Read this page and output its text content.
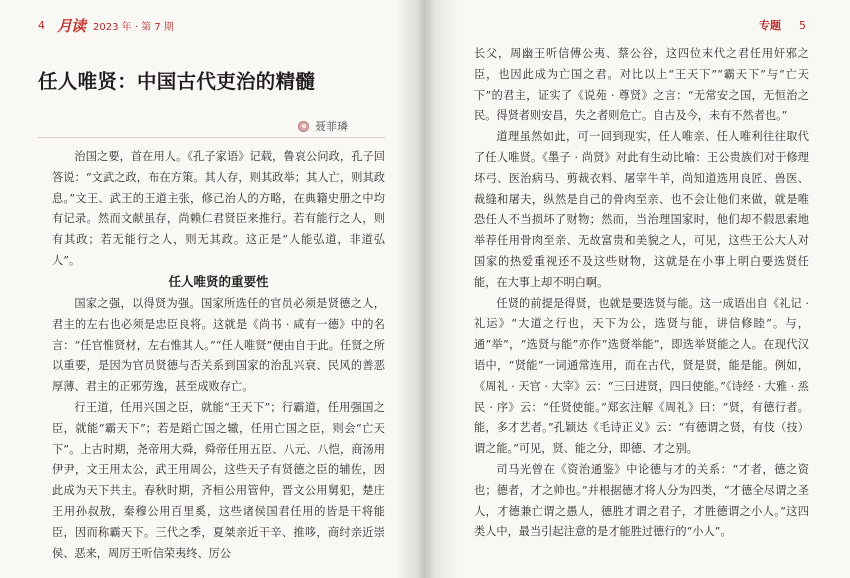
4 月读 2023 年 · 第 7 期
任人唯贤：中国古代吏治的精髓
聂菲璘

治国之要，首在用人。《孔子家语》记载，鲁哀公问政，孔子回答说：“文武之政，布在方策。其人存，则其政举；其人亡，则其政息。”文王、武王的王道主张，修己治人的方略，在典籍史册之中均有记录。然而文献虽存，尚赖仁君贤臣来推行。若有能行之人，则有其政；若无能行之人，则无其政。这正是“人能弘道，非道弘人”。

任人唯贤的重要性

国家之强，以得贤为强。国家所选任的官员必须是贤德之人，君主的左右也必须是忠臣良将。这就是《尚书 · 咸有一德》中的名言：“任官惟贤材，左右惟其人。”“任人唯贤”便由自于此。任贤之所以重要，是因为官员贤德与否关系到国家的治乱兴衰、民风的善恶厚薄、君主的正邪劳逸，甚至成败存亡。

行王道，任用兴国之臣，就能“王天下”；行霸道，任用强国之臣，就能“霸天下”；若是蹈亡国之辙，任用亡国之臣，则会“亡天下”。上古时期，尧帝用大舜，舜帝任用五臣、八元、八恺，商汤用伊尹，文王用太公，武王用周公，这些天子有贤德之臣的辅佐，因此成为天下共主。春秋时期，齐桓公用管仲，晋文公用舅犯，楚庄王用孙叔敖，秦穆公用百里奚，这些诸侯国君任用的皆是干将能臣，因而称霸天下。三代之季，夏桀亲近干辛、推哆，商纣亲近崇侯、恶来，周厉王听信荣夷终、厉公

专题 5

长父，周幽王听信傅公夷、蔡公谷，这四位末代之君任用奸邪之臣，也因此成为亡国之君。对比以上“王天下”“霸天下”与“亡天下”的君主，证实了《说苑 · 尊贤》之言：“无常安之国，无恒治之民。得贤者则安昌，失之者则危亡。自古及今，未有不然者也。”

道理虽然如此，可一回到现实，任人唯亲、任人唯利往往取代了任人唯贤。《墨子 · 尚贤》对此有生动比喻：王公贵族们对于修理坏弓、医治病马、剪裁衣料、屠宰牛羊，尚知道选用良匠、兽医、裁缝和屠夫，纵然是自己的骨肉至亲、也不会让他们来做，就是唯恐任人不当损坏了财物；然而，当治理国家时，他们却不假思索地举荐任用骨肉至亲、无故富贵和美貌之人，可见，这些王公大人对国家的热爱重视还不及这些财物，这就是在小事上明白要选贤任能，在大事上却不明白啊。

任贤的前提是得贤，也就是要选贤与能。这一成语出自《礼记 · 礼运》“大道之行也，天下为公，选贤与能，讲信修睦”。与，通“举”，“选贤与能”亦作“选贤举能”，即选举贤能之人。在现代汉语中，“贤能”一词通常连用，而在古代，贤是贤，能是能。例如，《周礼 · 天官 · 大宰》云：“三曰进贤，四曰使能。”《诗经 · 大雅 · 烝民 · 序》云：“任贤使能。”郑玄注解《周礼》曰：“贤，有德行者。能，多才艺者。”孔颖达《毛诗正义》云：“有德谓之贤，有伎（技）谓之能。”可见，贤、能之分，即德、才之别。

司马光曾在《资治通鉴》中论德与才的关系：“才者，德之资也；德者，才之帅也。”并根据德才将人分为四类，“才德全尽谓之圣人，才德兼亡谓之愚人，德胜才谓之君子，才胜德谓之小人。”这四类人中，最当引起注意的是才能胜过德行的“小人”。
